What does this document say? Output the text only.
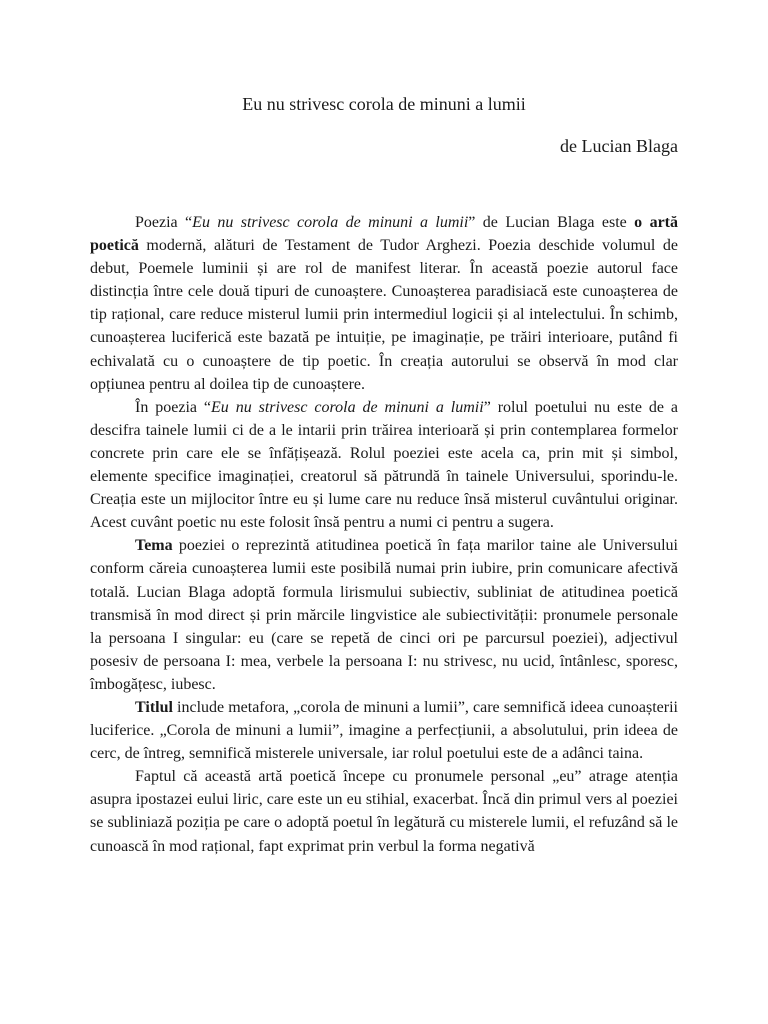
Eu nu strivesc corola de minuni a lumii

de Lucian Blaga

Poezia “Eu nu strivesc corola de minuni a lumii” de Lucian Blaga este o artă poetică modernă, alături de Testament de Tudor Arghezi. Poezia deschide volumul de debut, Poemele luminii și are rol de manifest literar. În această poezie autorul face distincția între cele două tipuri de cunoaștere. Cunoașterea paradisiacă este cunoașterea de tip rațional, care reduce misterul lumii prin intermediul logicii și al intelectului. În schimb, cunoașterea luciferică este bazată pe intuiție, pe imaginație, pe trăiri interioare, putând fi echivalată cu o cunoaștere de tip poetic. În creația autorului se observă în mod clar opțiunea pentru al doilea tip de cunoaștere.

În poezia “Eu nu strivesc corola de minuni a lumii” rolul poetului nu este de a descifra tainele lumii ci de a le intarii prin trăirea interioară și prin contemplarea formelor concrete prin care ele se înfățișează. Rolul poeziei este acela ca, prin mit și simbol, elemente specifice imaginației, creatorul să pătrundă în tainele Universului, sporindu-le. Creația este un mijlocitor între eu și lume care nu reduce însă misterul cuvântului originar. Acest cuvânt poetic nu este folosit însă pentru a numi ci pentru a sugera.

Tema poeziei o reprezintă atitudinea poetică în fața marilor taine ale Universului conform căreia cunoașterea lumii este posibilă numai prin iubire, prin comunicare afectivă totală. Lucian Blaga adoptă formula lirismului subiectiv, subliniat de atitudinea poetică transmisă în mod direct și prin mărcile lingvistice ale subiectivității: pronumele personale la persoana I singular: eu (care se repetă de cinci ori pe parcursul poeziei), adjectivul posesiv de persoana I: mea, verbele la persoana I: nu strivesc, nu ucid, întânlesc, sporesc, îmbogățesc, iubesc.

Titlul include metafora, „corola de minuni a lumii”, care semnifică ideea cunoașterii luciferice. „Corola de minuni a lumii”, imagine a perfecțiunii, a absolutului, prin ideea de cerc, de întreg, semnifică misterele universale, iar rolul poetului este de a adânci taina.

Faptul că această artă poetică începe cu pronumele personal „eu” atrage atenția asupra ipostazei eului liric, care este un eu stihial, exacerbat. Încă din primul vers al poeziei se subliniază poziția pe care o adoptă poetul în legătură cu misterele lumii, el refuzând să le cunoască în mod rațional, fapt exprimat prin verbul la forma negativă
